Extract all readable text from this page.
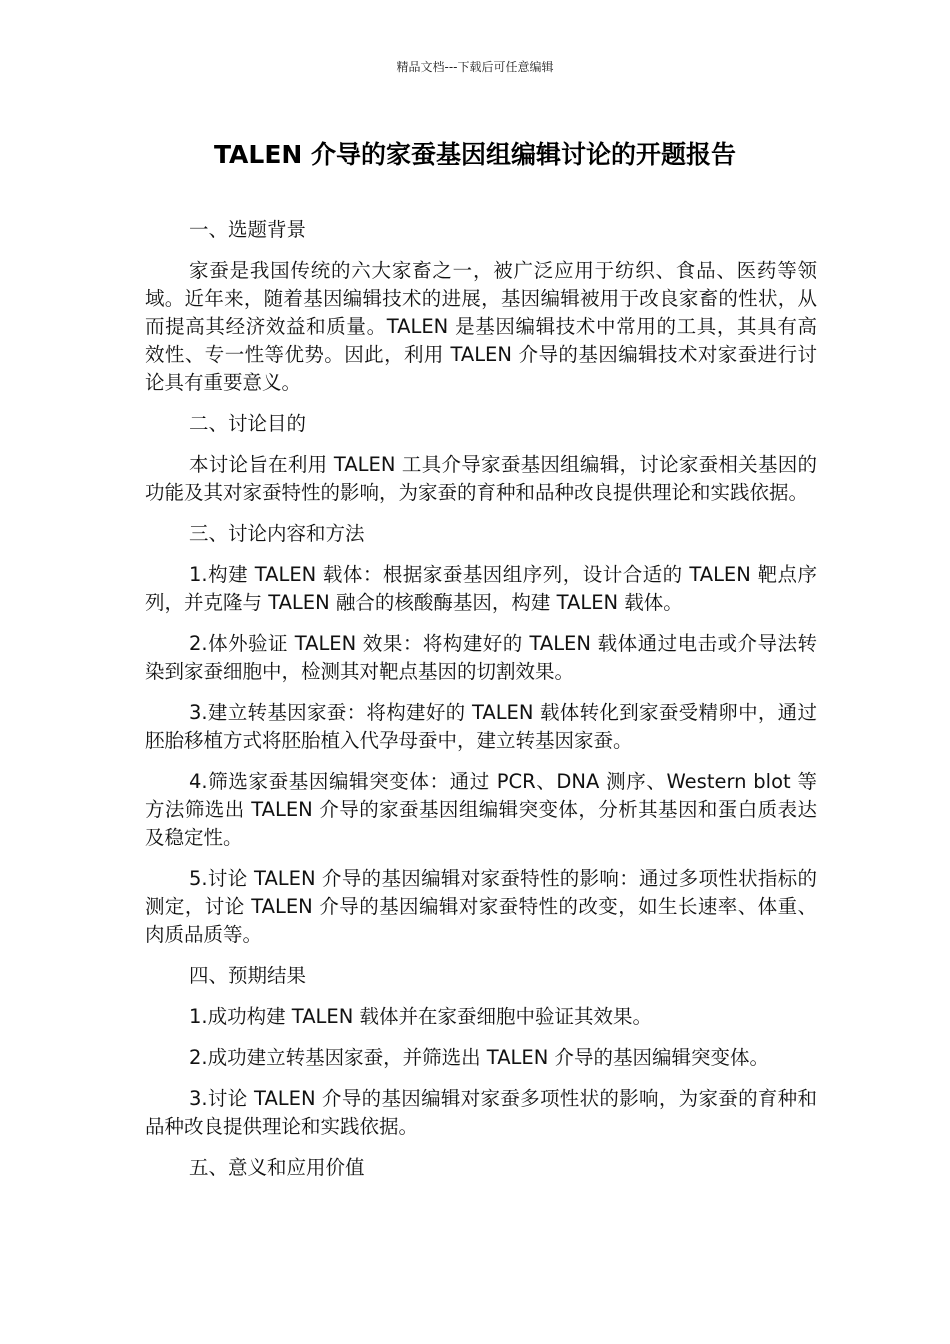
精品文档---下载后可任意编辑
TALEN 介导的家蚕基因组编辑讨论的开题报告

一、选题背景

家蚕是我国传统的六大家畜之一，被广泛应用于纺织、食品、医药等领域。近年来，随着基因编辑技术的进展，基因编辑被用于改良家畜的性状，从而提高其经济效益和质量。TALEN 是基因编辑技术中常用的工具，其具有高效性、专一性等优势。因此，利用 TALEN 介导的基因编辑技术对家蚕进行讨论具有重要意义。

二、讨论目的

本讨论旨在利用 TALEN 工具介导家蚕基因组编辑，讨论家蚕相关基因的功能及其对家蚕特性的影响，为家蚕的育种和品种改良提供理论和实践依据。

三、讨论内容和方法

1.构建 TALEN 载体：根据家蚕基因组序列，设计合适的 TALEN 靶点序列，并克隆与 TALEN 融合的核酸酶基因，构建 TALEN 载体。

2.体外验证 TALEN 效果：将构建好的 TALEN 载体通过电击或介导法转染到家蚕细胞中，检测其对靶点基因的切割效果。

3.建立转基因家蚕：将构建好的 TALEN 载体转化到家蚕受精卵中，通过胚胎移植方式将胚胎植入代孕母蚕中，建立转基因家蚕。

4.筛选家蚕基因编辑突变体：通过 PCR、DNA 测序、Western blot 等方法筛选出 TALEN 介导的家蚕基因组编辑突变体，分析其基因和蛋白质表达及稳定性。

5.讨论 TALEN 介导的基因编辑对家蚕特性的影响：通过多项性状指标的测定，讨论 TALEN 介导的基因编辑对家蚕特性的改变，如生长速率、体重、肉质品质等。

四、预期结果

1.成功构建 TALEN 载体并在家蚕细胞中验证其效果。

2.成功建立转基因家蚕，并筛选出 TALEN 介导的基因编辑突变体。

3.讨论 TALEN 介导的基因编辑对家蚕多项性状的影响，为家蚕的育种和品种改良提供理论和实践依据。

五、意义和应用价值
